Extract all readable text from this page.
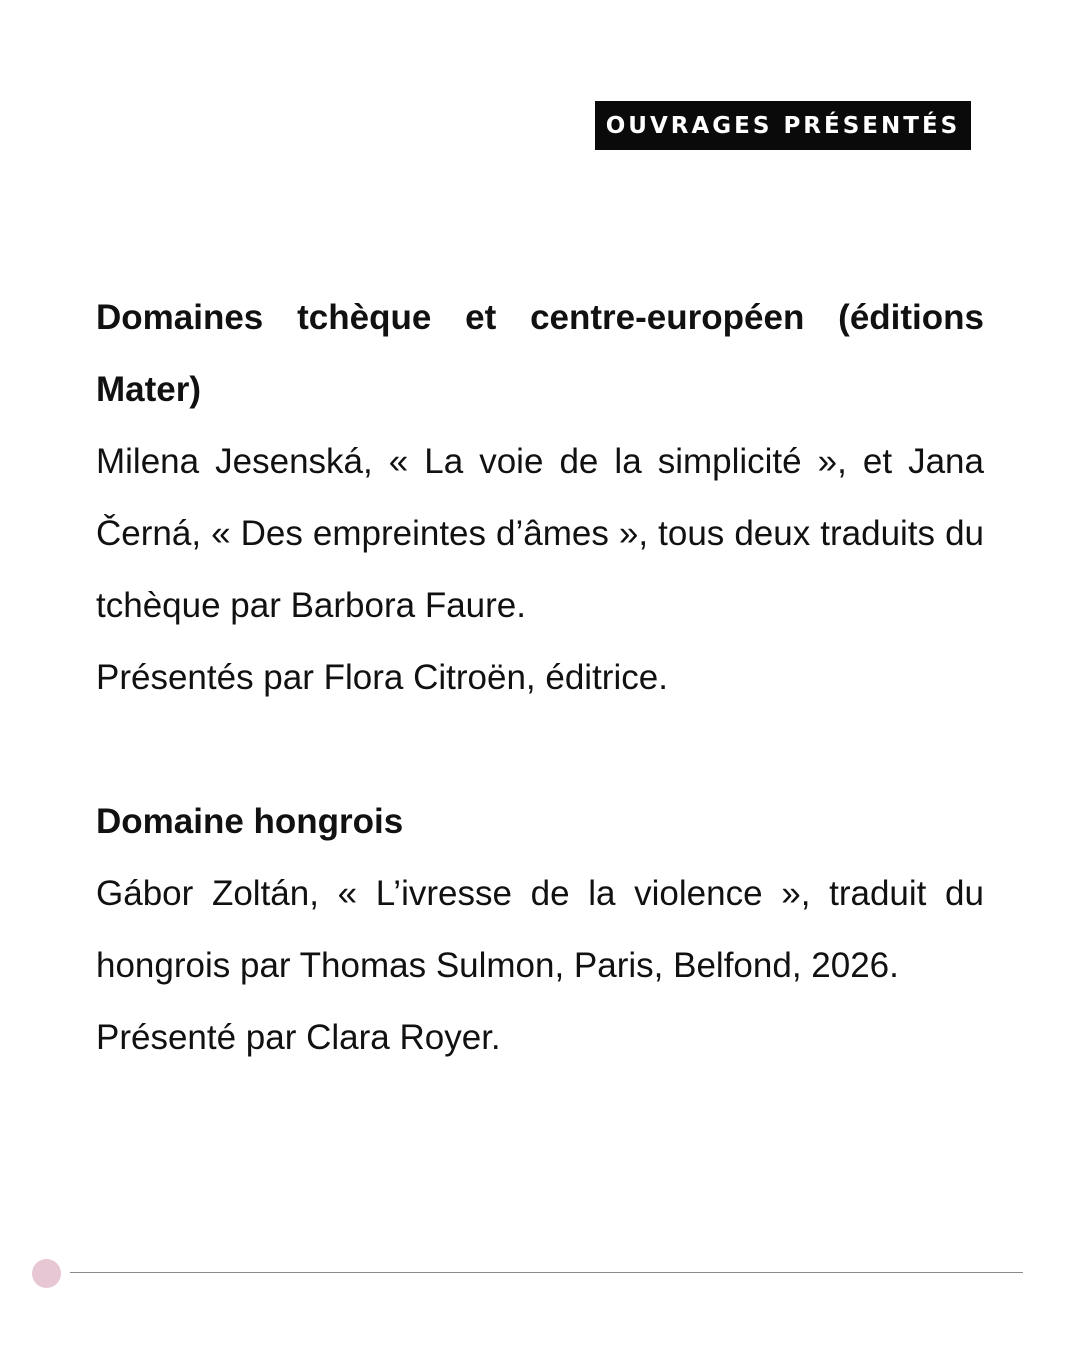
OUVRAGES PRÉSENTÉS

Domaines tchèque et centre-européen (éditions Mater)

Milena Jesenská, « La voie de la simplicité », et Jana Černá, « Des empreintes d’âmes », tous deux traduits du tchèque par Barbora Faure.

Présentés par Flora Citroën, éditrice.

Domaine hongrois

Gábor Zoltán, « L’ivresse de la violence », traduit du hongrois par Thomas Sulmon, Paris, Belfond, 2026.

Présenté par Clara Royer.
